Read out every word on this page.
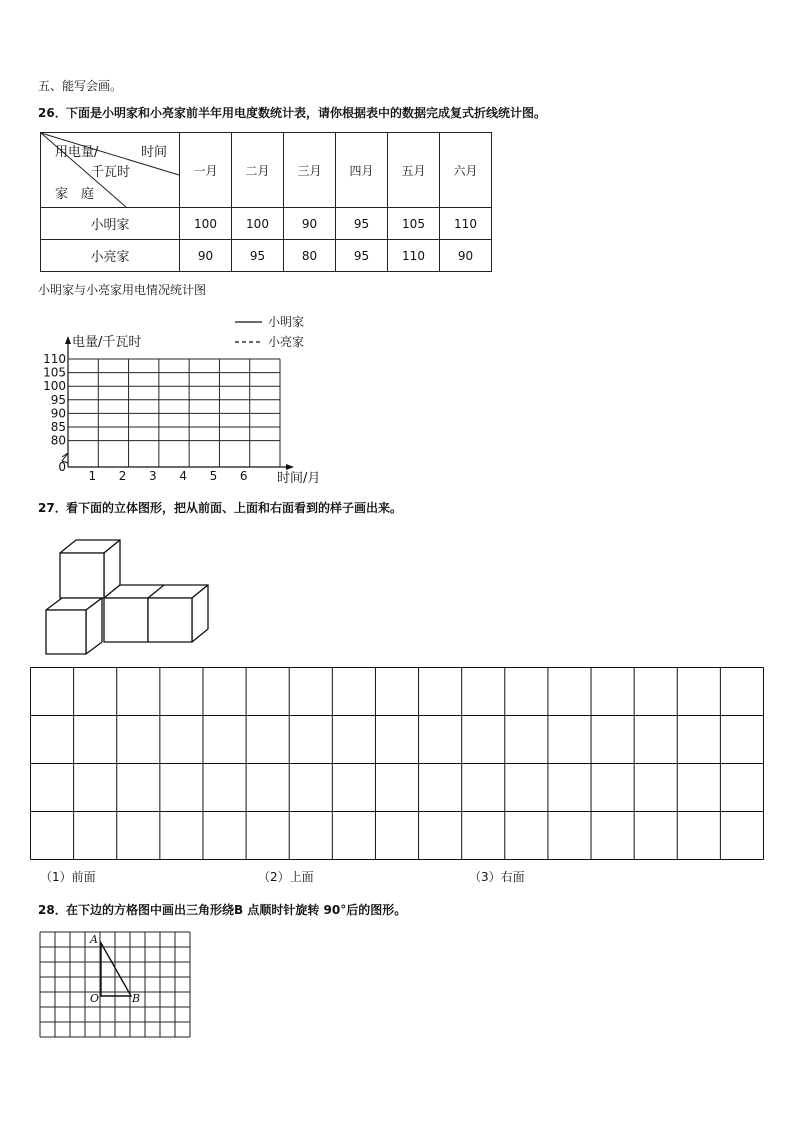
五、能写会画。
26． 下面是小明家和小亮家前半年用电度数统计表，请你根据表中的数据完成复式折线统计图。
用电量/ 时间
千瓦时
家　庭	一月	二月	三月	四月	五月	六月
小明家	100	100	90	95	105	110
小亮家	90	95	80	95	110	90
小明家与小亮家用电情况统计图
小明家
小亮家
电量/千瓦时
时间/月
110
105
100
95
90
85
80
0
1 2 3 4 5 6
27． 看下面的立体图形，把从前面、上面和右面看到的样子画出来。
（1）前面	（2）上面	（3）右面
28． 在下边的方格图中画出三角形绕B 点顺时针旋转 90°后的图形。
A
O	B
